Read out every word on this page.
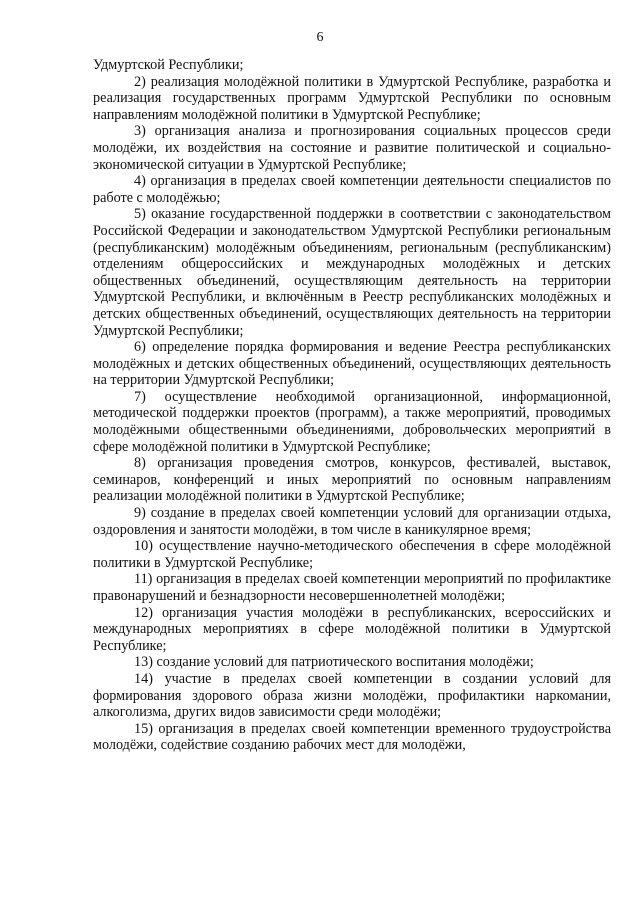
6

Удмуртской Республики;

2) реализация молодёжной политики в Удмуртской Республике, разработка и реализация государственных программ Удмуртской Республики по основным направлениям молодёжной политики в Удмуртской Республике;

3) организация анализа и прогнозирования социальных процессов среди молодёжи, их воздействия на состояние и развитие политической и социально-экономической ситуации в Удмуртской Республике;

4) организация в пределах своей компетенции деятельности специалистов по работе с молодёжью;

5) оказание государственной поддержки в соответствии с законодательством Российской Федерации и законодательством Удмуртской Республики региональным (республиканским) молодёжным объединениям, региональным (республиканским) отделениям общероссийских и международных молодёжных и детских общественных объединений, осуществляющим деятельность на территории Удмуртской Республики, и включённым в Реестр республиканских молодёжных и детских общественных объединений, осуществляющих деятельность на территории Удмуртской Республики;

6) определение порядка формирования и ведение Реестра республиканских молодёжных и детских общественных объединений, осуществляющих деятельность на территории Удмуртской Республики;

7) осуществление необходимой организационной, информационной, методической поддержки проектов (программ), а также мероприятий, проводимых молодёжными общественными объединениями, добровольческих мероприятий в сфере молодёжной политики в Удмуртской Республике;

8) организация проведения смотров, конкурсов, фестивалей, выставок, семинаров, конференций и иных мероприятий по основным направлениям реализации молодёжной политики в Удмуртской Республике;

9) создание в пределах своей компетенции условий для организации отдыха, оздоровления и занятости молодёжи, в том числе в каникулярное время;

10) осуществление научно-методического обеспечения в сфере молодёжной политики в Удмуртской Республике;

11) организация в пределах своей компетенции мероприятий по профилактике правонарушений и безнадзорности несовершеннолетней молодёжи;

12) организация участия молодёжи в республиканских, всероссийских и международных мероприятиях в сфере молодёжной политики в Удмуртской Республике;

13) создание условий для патриотического воспитания молодёжи;

14) участие в пределах своей компетенции в создании условий для формирования здорового образа жизни молодёжи, профилактики наркомании, алкоголизма, других видов зависимости среди молодёжи;

15) организация в пределах своей компетенции временного трудоустройства молодёжи, содействие созданию рабочих мест для молодёжи,
